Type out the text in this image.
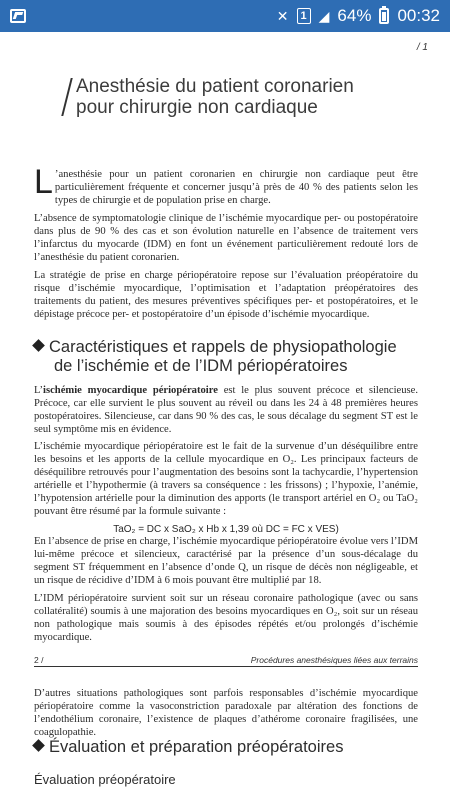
✕	1 ◢ 64% 00:32
/ 1
Anesthésie du patient coronarien
pour chirurgie non cardiaque
L ’anesthésie pour un patient coronarien en chirurgie non cardiaque peut être particulièrement fréquente et concerner jusqu’à près de 40 % des patients selon les types de chirurgie et de population prise en charge.
L’absence de symptomatologie clinique de l’ischémie myocardique per- ou postopératoire dans plus de 90 % des cas et son évolution naturelle en l’absence de traitement vers l’infarctus du myocarde (IDM) en font un événement particulièrement redouté lors de l’anesthésie du patient coronarien.
La stratégie de prise en charge périopératoire repose sur l’évaluation préopératoire du risque d’ischémie myocardique, l’optimisation et l’adaptation préopératoires des traitements du patient, des mesures préventives spécifiques per- et postopératoires, et le dépistage précoce per- et postopératoire d’un épisode d’ischémie myocardique.
Caractéristiques et rappels de physiopathologie
de l’ischémie et de l’IDM périopératoires
L’ischémie myocardique périopératoire est le plus souvent précoce et silencieuse. Précoce, car elle survient le plus souvent au réveil ou dans les 24 à 48 premières heures postopératoires. Silencieuse, car dans 90 % des cas, le sous décalage du segment ST est le seul symptôme mis en évidence.
L’ischémie myocardique périopératoire est le fait de la survenue d’un déséquilibre entre les besoins et les apports de la cellule myocardique en O₂. Les principaux facteurs de déséquilibre retrouvés pour l’augmentation des besoins sont la tachycardie, l’hypertension artérielle et l’hypothermie (à travers sa conséquence : les frissons) ; l’hypoxie, l’anémie, l’hypotension artérielle pour la diminution des apports (le transport artériel en O₂ ou TaO₂ pouvant être résumé par la formule suivante :
TaO₂ = DC x SaO₂ x Hb x 1,39 où DC = FC x VES)
En l’absence de prise en charge, l’ischémie myocardique périopératoire évolue vers l’IDM lui-même précoce et silencieux, caractérisé par la présence d’un sous-décalage du segment ST fréquemment en l’absence d’onde Q, un risque de décès non négligeable, et un risque de récidive d’IDM à 6 mois pouvant être multiplié par 18.
L’IDM périopératoire survient soit sur un réseau coronaire pathologique (avec ou sans collatéralité) soumis à une majoration des besoins myocardiques en O₂, soit sur un réseau non pathologique mais soumis à des épisodes répétés et/ou prolongés d’ischémie myocardique.
2 /	Procédures anesthésiques liées aux terrains
D’autres situations pathologiques sont parfois responsables d’ischémie myocardique périopératoire comme la vasoconstriction paradoxale par altération des fonctions de l’endothélium coronaire, l’existence de plaques d’athérome coronaire fragilisées, une coagulopathie.
Évaluation et préparation préopératoires
Évaluation préopératoire
